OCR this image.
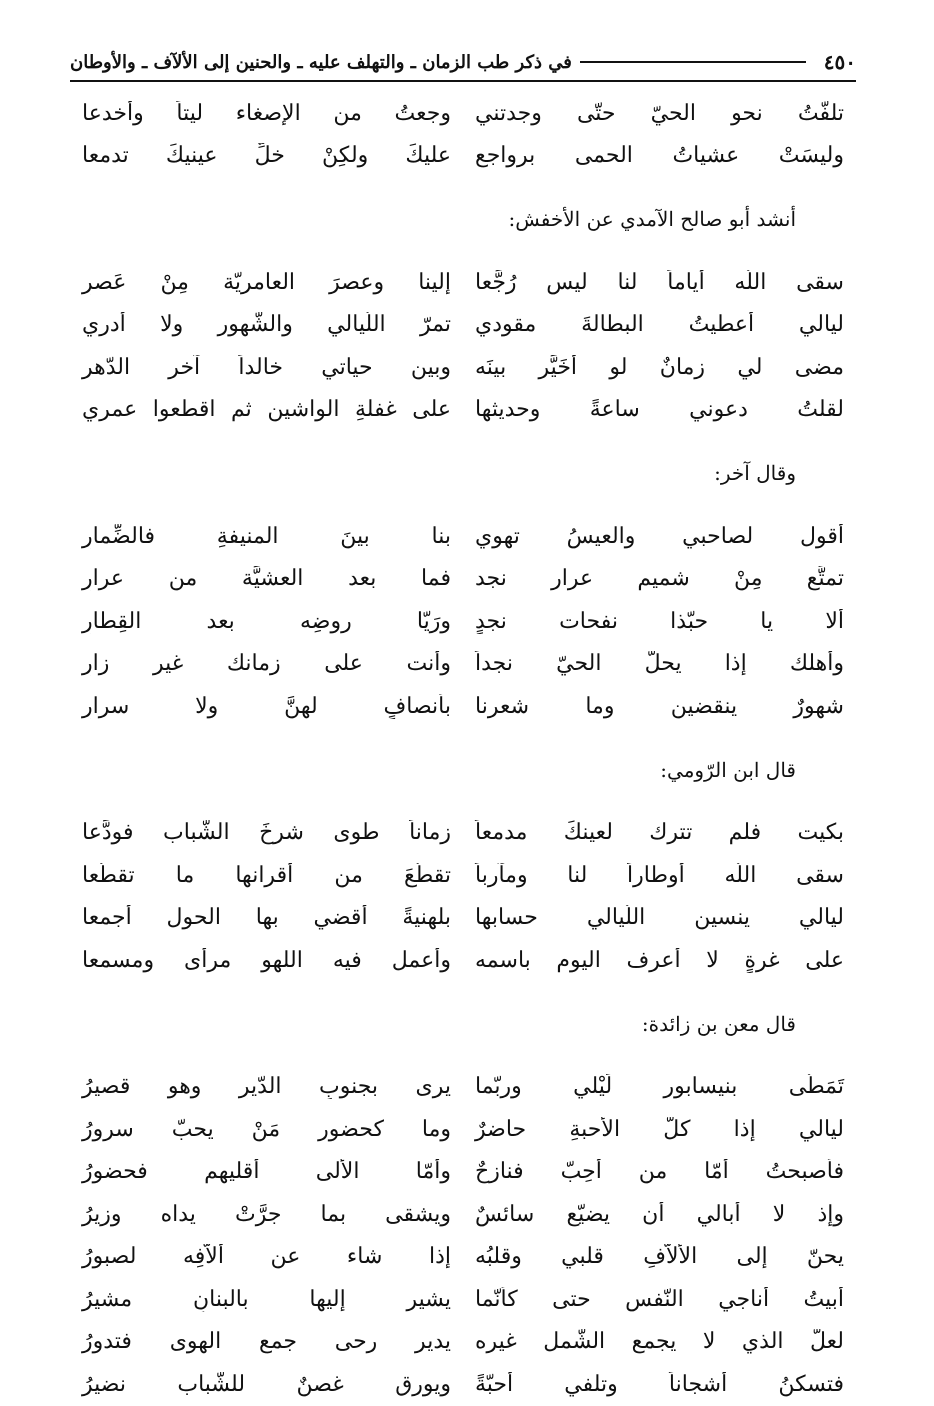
٤٥٠
في ذكر طب الزمان ـ والتهلف عليه ـ والحنين إلى الألآف ـ والأوطان
تلفّتُ نحو الحيّ حتّى وجدتني
وجعتُ من الإصغاء ليتاً وأخدعا
وليسَتْ عشياتُ الحمى برواجعٍ
عليكَ ولكِنْ خلِّ عينيكَ تدمعا
أنشد أبو صالح الآمدي عن الأخفش:
سقى اللّه أياماً لنا ليس رُجَّعا
إلينا وعصرَ العامريّة مِنْ عَصرِ
ليالي أُعطيتُ البطالةَ مقودي
تمرّ اللّيالي والشّهور ولا أدري
مضى لي زمانٌ لو أُخَيَّر بينَه
وبين حياتي خالداً آخر الدّهرِ
لقلتُ دعوني ساعةً وحديثها
على غفلةِ الواشين ثم اقطعوا عمري
وقال آخر:
أقول لصاحبي والعيسُ تهوي
بنا بينَ المنيفةِ فالضِّمارِ
تمتَّع مِنْ شميم عرار نجد
فما بعد العشيَّة من عرارِ
ألا يا حبّذا نفحات نجدٍ
ورَيّا روضِه بعد القِطارِ
وأهلك إذا يحلُّ الحيّ نجداً
وأنت على زمانك غير زارِ
شهورٌ ينقضين وما شعرنا
بأنصافٍ لهنَّ ولا سرارِ
قال ابن الرّومي:
بكيت فلم تترك لعينكَ مدمعاً
زماناً طوى شرخَ الشّباب فودَّعا
سقى اللّه أوطاراً لنا ومآرباً
تقطَّعَ من أقرانها ما تقطَّعا
ليالي ينسين اللّيالي حسابها
بلهنيةً أقضي بها الحول أجمعا
على غرةٍ لا أعرف اليوم باسمه
وأعمل فيه اللهو مرأى ومسمعا
قال معن بن زائدة:
تَمَطّى بنيسابور لَيْلي وربّما
يرى بجنوبِ الدّيرِ وهو قصيرُ
ليالي إذا كلّ الأحبةِ حاضرٌ
وما كحضور مَنْ يحبّ سرورُ
فأصبحتُ أمّا من أُحِبّ فنازحٌ
وأمّا الألى أقليهم فحضورُ
وإذ لا أبالي أن يضيّع سائسٌ
ويشقى بما جرَّتْ يداه وزيرُ
يحنّ إلى الألاّفِ قلبي وقلبُه
إذا شاء عن أُلاّفِه لصبورُ
أبيتُ أناجي النّفس حتى كأنّما
يشير إليها بالبنانِ مشيرُ
لعلّ الذي لا يجمع الشّمل غيره
يدير رحى جمع الهوى فتدورُ
فتسكنُ أشجاناً وتلفي أحبّةً
ويورق غصنٌ للشّباب نضيرُ
